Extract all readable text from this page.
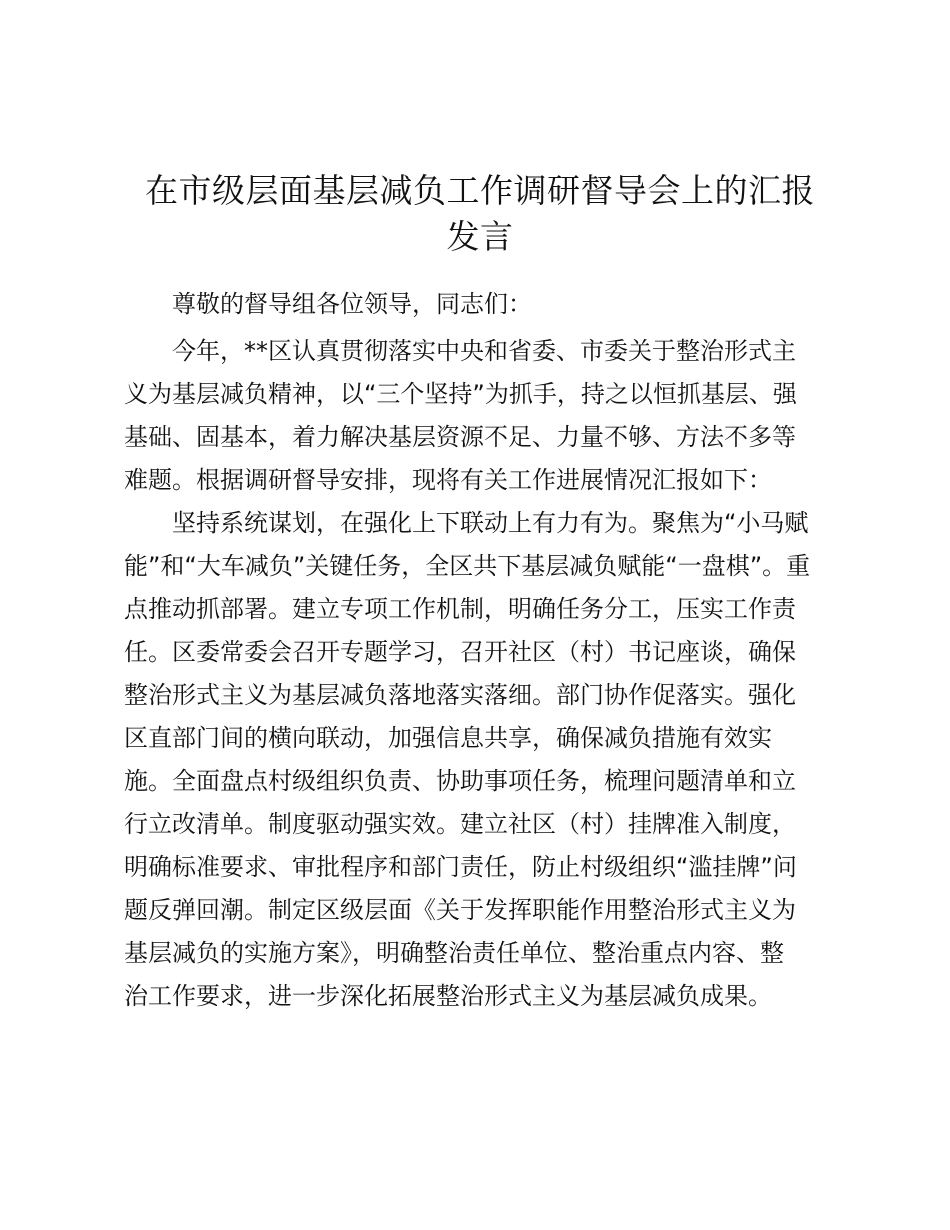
在市级层面基层减负工作调研督导会上的汇报
发言
尊敬的督导组各位领导，同志们：
今年，**区认真贯彻落实中央和省委、市委关于整治形式主
义为基层减负精神，以“三个坚持”为抓手，持之以恒抓基层、强
基础、固基本，着力解决基层资源不足、力量不够、方法不多等
难题。根据调研督导安排，现将有关工作进展情况汇报如下：
坚持系统谋划，在强化上下联动上有力有为。聚焦为“小马赋
能”和“大车减负”关键任务，全区共下基层减负赋能“一盘棋”。重
点推动抓部署。建立专项工作机制，明确任务分工，压实工作责
任。区委常委会召开专题学习，召开社区（村）书记座谈，确保
整治形式主义为基层减负落地落实落细。部门协作促落实。强化
区直部门间的横向联动，加强信息共享，确保减负措施有效实
施。全面盘点村级组织负责、协助事项任务，梳理问题清单和立
行立改清单。制度驱动强实效。建立社区（村）挂牌准入制度，
明确标准要求、审批程序和部门责任，防止村级组织“滥挂牌”问
题反弹回潮。制定区级层面《关于发挥职能作用整治形式主义为
基层减负的实施方案》，明确整治责任单位、整治重点内容、整
治工作要求，进一步深化拓展整治形式主义为基层减负成果。
